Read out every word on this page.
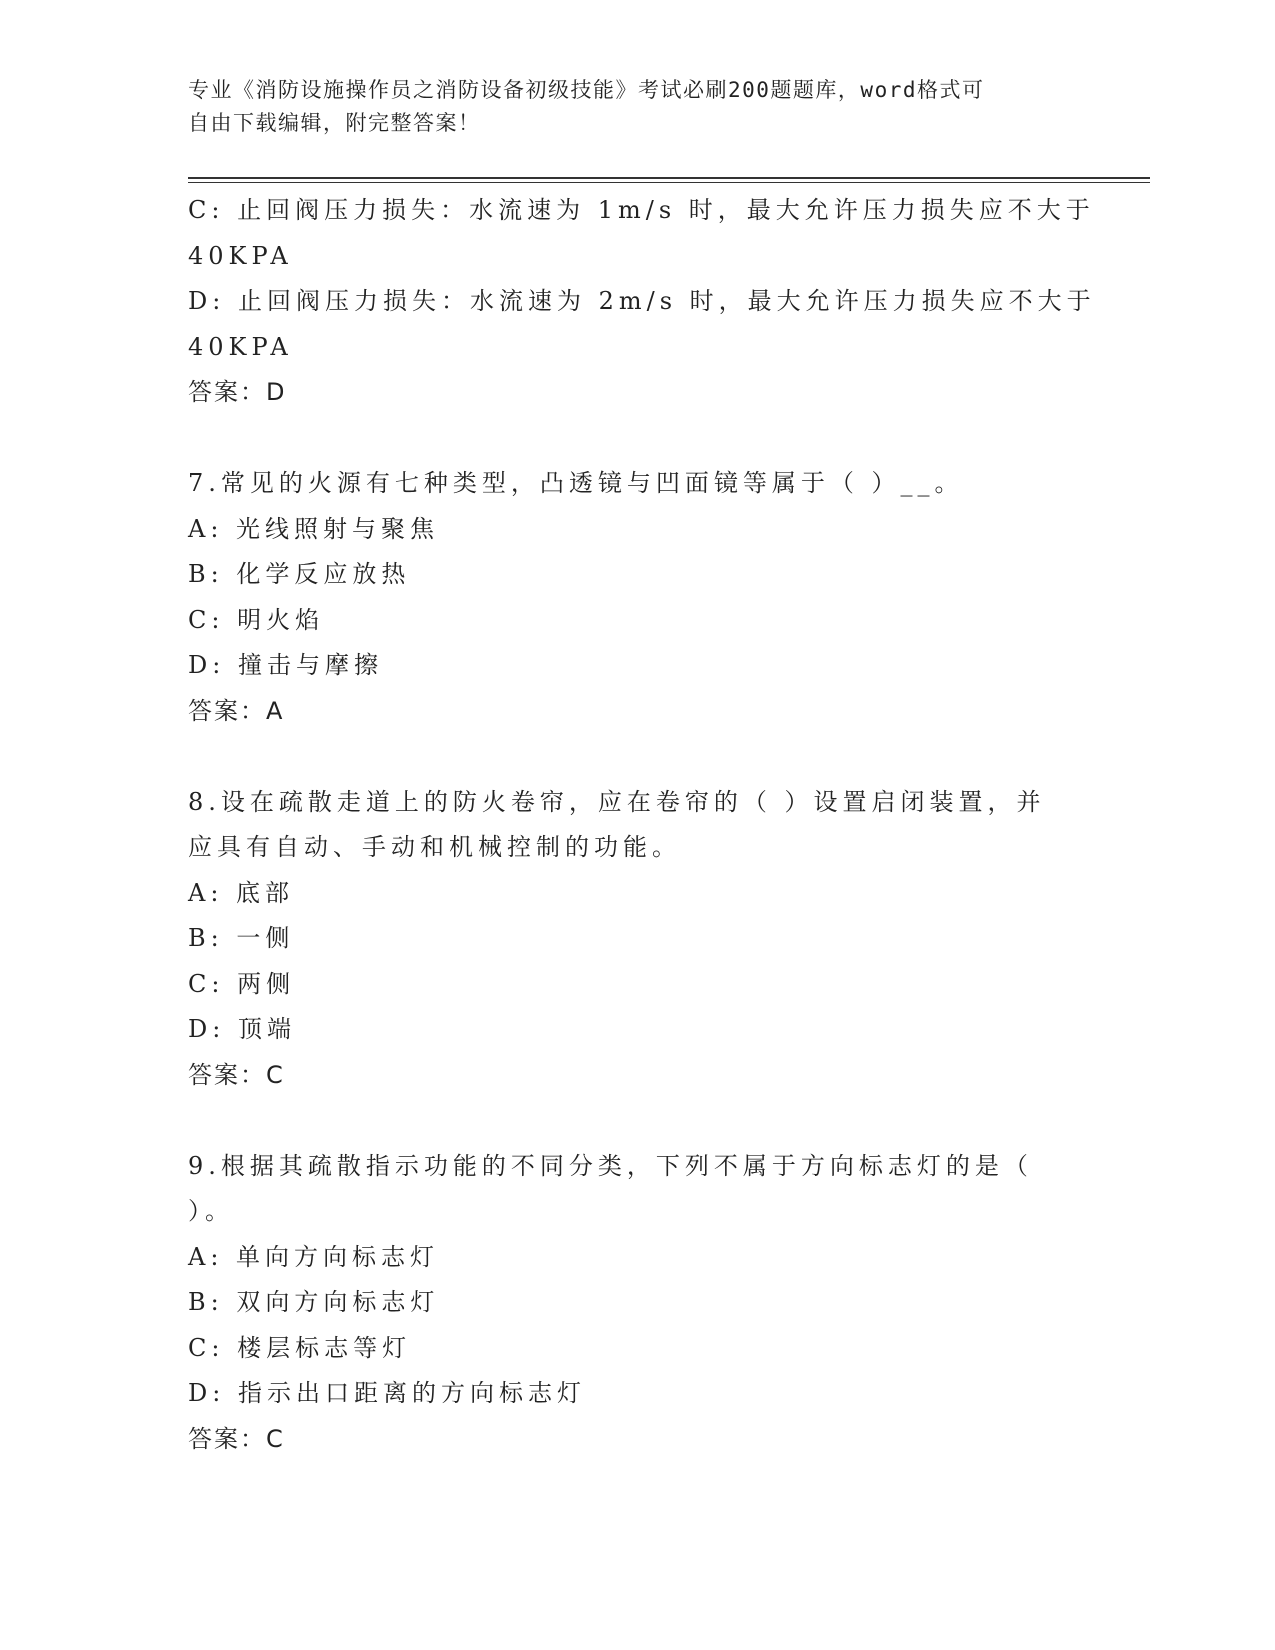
专业《消防设施操作员之消防设备初级技能》考试必刷200题题库，word格式可
自由下载编辑，附完整答案！
C: 止回阀压力损失：水流速为 1m/s 时，最大允许压力损失应不大于
40KPA
D: 止回阀压力损失：水流速为 2m/s 时，最大允许压力损失应不大于
40KPA
答案：D
7.常见的火源有七种类型，凸透镜与凹面镜等属于（ ）__。
A: 光线照射与聚焦
B: 化学反应放热
C: 明火焰
D: 撞击与摩擦
答案：A
8.设在疏散走道上的防火卷帘，应在卷帘的（ ）设置启闭装置，并
应具有自动、手动和机械控制的功能。
A: 底部
B: 一侧
C: 两侧
D: 顶端
答案：C
9.根据其疏散指示功能的不同分类，下列不属于方向标志灯的是（
）。
A: 单向方向标志灯
B: 双向方向标志灯
C: 楼层标志等灯
D: 指示出口距离的方向标志灯
答案：C
